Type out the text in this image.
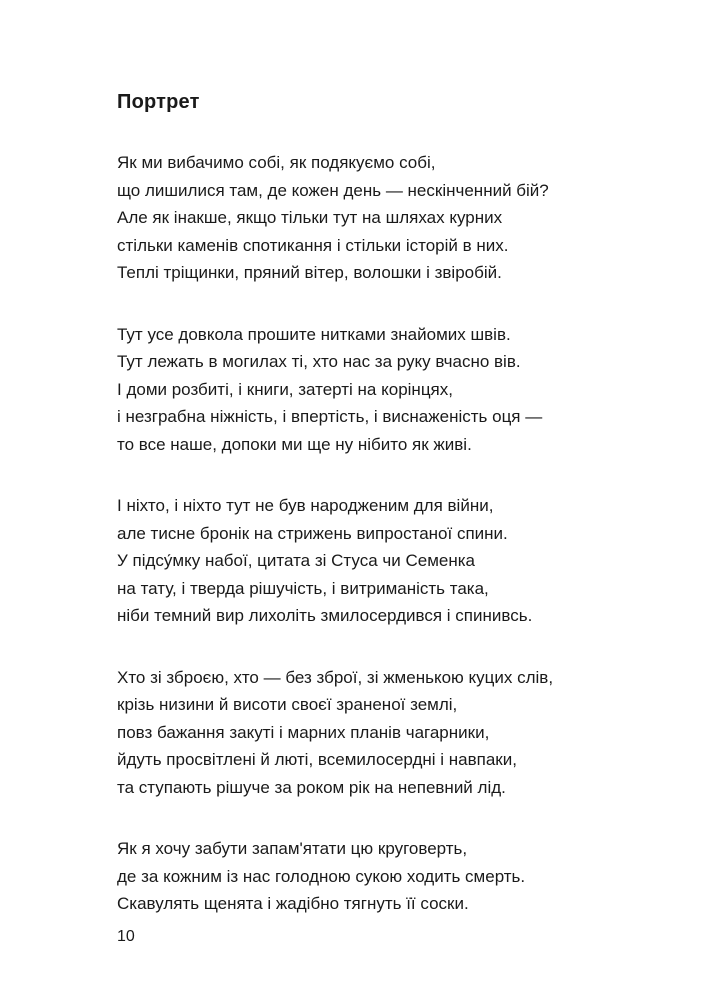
Портрет
Як ми вибачимо собі, як подякуємо собі,
що лишилися там, де кожен день — нескінченний бій?
Але як інакше, якщо тільки тут на шляхах курних
стільки каменів спотикання і стільки історій в них.
Теплі тріщинки, пряний вітер, волошки і звіробій.
Тут усе довкола прошите нитками знайомих швів.
Тут лежать в могилах ті, хто нас за руку вчасно вів.
І доми розбиті, і книги, затерті на корінцях,
і незграбна ніжність, і впертість, і виснаженість оця —
то все наше, допоки ми ще ну нібито як живі.
І ніхто, і ніхто тут не був народженим для війни,
але тисне бронік на стрижень випростаної спини.
У підсу́мку набої, цитата зі Стуса чи Семенка
на тату, і тверда рішучість, і витриманість така,
ніби темний вир лихоліть змилосердився і спинивсь.
Хто зі зброєю, хто — без зброї, зі жменькою куцих слів,
крізь низини й висоти своєї зраненої землі,
повз бажання закуті і марних планів чагарники,
йдуть просвітлені й люті, всемилосердні і навпаки,
та ступають рішуче за роком рік на непевний лід.
Як я хочу забути запам'ятати цю круговерть,
де за кожним із нас голодною сукою ходить смерть.
Скавулять щенята і жадібно тягнуть її соски.
10
